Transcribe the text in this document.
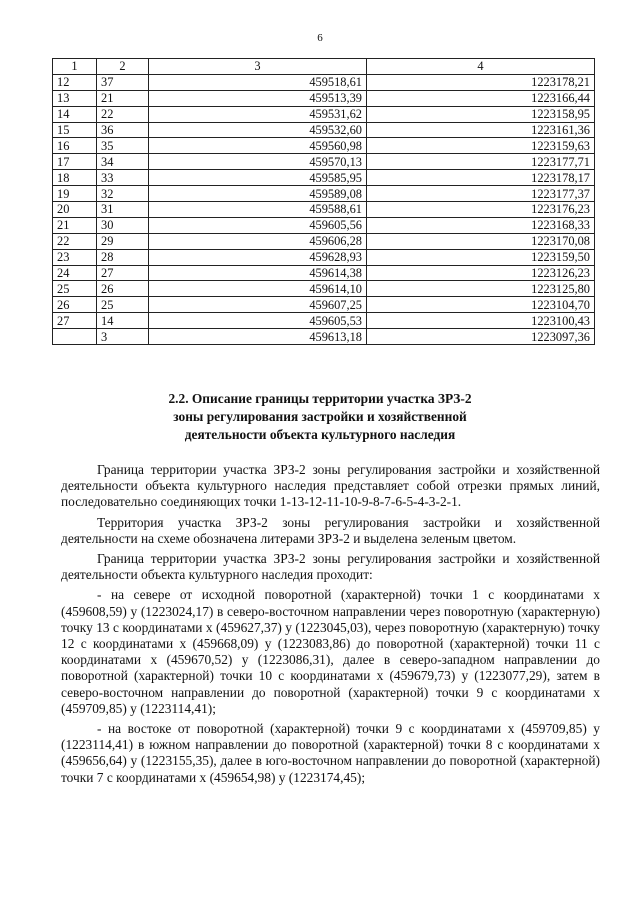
6
1	2	3	4
12	37	459518,61	1223178,21
13	21	459513,39	1223166,44
14	22	459531,62	1223158,95
15	36	459532,60	1223161,36
16	35	459560,98	1223159,63
17	34	459570,13	1223177,71
18	33	459585,95	1223178,17
19	32	459589,08	1223177,37
20	31	459588,61	1223176,23
21	30	459605,56	1223168,33
22	29	459606,28	1223170,08
23	28	459628,93	1223159,50
24	27	459614,38	1223126,23
25	26	459614,10	1223125,80
26	25	459607,25	1223104,70
27	14	459605,53	1223100,43
	3	459613,18	1223097,36
2.2. Описание границы территории участка ЗРЗ-2
зоны регулирования застройки и хозяйственной
деятельности объекта культурного наследия

Граница территории участка ЗРЗ-2 зоны регулирования застройки и хозяйственной деятельности объекта культурного наследия представляет собой отрезки прямых линий, последовательно соединяющих точки 1-13-12-11-10-9-8-7-6-5-4-3-2-1.

Территория участка ЗРЗ-2 зоны регулирования застройки и хозяйственной деятельности на схеме обозначена литерами ЗРЗ-2 и выделена зеленым цветом.

Граница территории участка ЗРЗ-2 зоны регулирования застройки и хозяйственной деятельности объекта культурного наследия проходит:

- на севере от исходной поворотной (характерной) точки 1 с координатами х (459608,59) у (1223024,17) в северо-восточном направлении через поворотную (характерную) точку 13 с координатами х (459627,37) у (1223045,03), через поворотную (характерную) точку 12 с координатами х (459668,09) у (1223083,86) до поворотной (характерной) точки 11 с координатами х (459670,52) у (1223086,31), далее в северо-западном направлении до поворотной (характерной) точки 10 с координатами х (459679,73) у (1223077,29), затем в северо-восточном направлении до поворотной (характерной) точки 9 с координатами х (459709,85) у (1223114,41);

- на востоке от поворотной (характерной) точки 9 с координатами х (459709,85) у (1223114,41) в южном направлении до поворотной (характерной) точки 8 с координатами х (459656,64) у (1223155,35), далее в юго-восточном направлении до поворотной (характерной) точки 7 с координатами х (459654,98) у (1223174,45);
